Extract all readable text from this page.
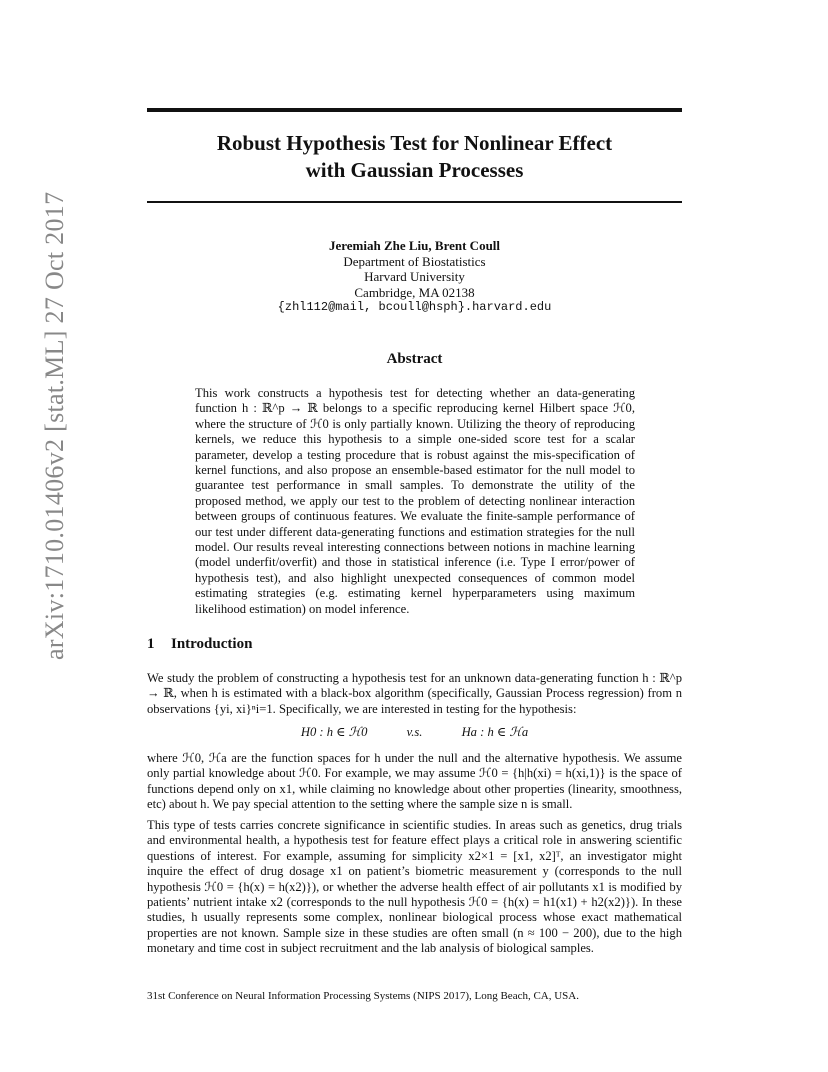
arXiv:1710.01406v2 [stat.ML] 27 Oct 2017
Robust Hypothesis Test for Nonlinear Effect
with Gaussian Processes
Jeremiah Zhe Liu, Brent Coull
Department of Biostatistics
Harvard University
Cambridge, MA 02138
{zhl112@mail, bcoull@hsph}.harvard.edu
Abstract

This work constructs a hypothesis test for detecting whether an data-generating function h : ℝ^p → ℝ belongs to a specific reproducing kernel Hilbert space ℋ0, where the structure of ℋ0 is only partially known. Utilizing the theory of reproducing kernels, we reduce this hypothesis to a simple one-sided score test for a scalar parameter, develop a testing procedure that is robust against the mis-specification of kernel functions, and also propose an ensemble-based estimator for the null model to guarantee test performance in small samples. To demonstrate the utility of the proposed method, we apply our test to the problem of detecting nonlinear interaction between groups of continuous features. We evaluate the finite-sample performance of our test under different data-generating functions and estimation strategies for the null model. Our results reveal interesting connections between notions in machine learning (model underfit/overfit) and those in statistical inference (i.e. Type I error/power of hypothesis test), and also highlight unexpected consequences of common model estimating strategies (e.g. estimating kernel hyperparameters using maximum likelihood estimation) on model inference.

1 Introduction

We study the problem of constructing a hypothesis test for an unknown data-generating function h : ℝ^p → ℝ, when h is estimated with a black-box algorithm (specifically, Gaussian Process regression) from n observations {yi, xi}ⁿi=1. Specifically, we are interested in testing for the hypothesis:

H0 : h ∈ ℋ0	v.s.	Ha : h ∈ ℋa

where ℋ0, ℋa are the function spaces for h under the null and the alternative hypothesis. We assume only partial knowledge about ℋ0. For example, we may assume ℋ0 = {h|h(xi) = h(xi,1)} is the space of functions depend only on x1, while claiming no knowledge about other properties (linearity, smoothness, etc) about h. We pay special attention to the setting where the sample size n is small.

This type of tests carries concrete significance in scientific studies. In areas such as genetics, drug trials and environmental health, a hypothesis test for feature effect plays a critical role in answering scientific questions of interest. For example, assuming for simplicity x2×1 = [x1, x2]ᵀ, an investigator might inquire the effect of drug dosage x1 on patient’s biometric measurement y (corresponds to the null hypothesis ℋ0 = {h(x) = h(x2)}), or whether the adverse health effect of air pollutants x1 is modified by patients’ nutrient intake x2 (corresponds to the null hypothesis ℋ0 = {h(x) = h1(x1) + h2(x2)}). In these studies, h usually represents some complex, nonlinear biological process whose exact mathematical properties are not known. Sample size in these studies are often small (n ≈ 100 − 200), due to the high monetary and time cost in subject recruitment and the lab analysis of biological samples.

31st Conference on Neural Information Processing Systems (NIPS 2017), Long Beach, CA, USA.
